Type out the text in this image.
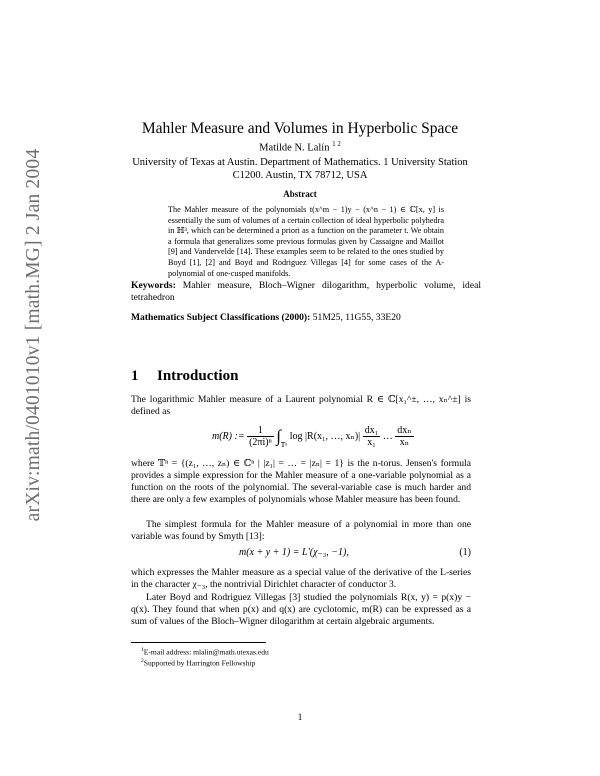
arXiv:math/0401010v1 [math.MG] 2 Jan 2004
Mahler Measure and Volumes in Hyperbolic Space
Matilde N. Lalín $^{1 2}$
University of Texas at Austin. Department of Mathematics. 1 University Station C1200. Austin, TX 78712, USA
Abstract
The Mahler measure of the polynomials t(x^m − 1)y − (x^n − 1) ∈ ℂ[x, y] is essentially the sum of volumes of a certain collection of ideal hyperbolic polyhedra in ℍ³, which can be determined a priori as a function on the parameter t. We obtain a formula that generalizes some previous formulas given by Cassaigne and Maillot [9] and Vandervelde [14]. These examples seem to be related to the ones studied by Boyd [1], [2] and Boyd and Rodriguez Villegas [4] for some cases of the A-polynomial of one-cusped manifolds.
Keywords: Mahler measure, Bloch–Wigner dilogarithm, hyperbolic volume, ideal tetrahedron
Mathematics Subject Classifications (2000): 51M25, 11G55, 33E20
1 Introduction
The logarithmic Mahler measure of a Laurent polynomial R ∈ ℂ[x₁^±, …, xₙ^±] is defined as
m(R) := $\frac{1}{\text{(2πi)ⁿ}} \int_{𝕋^n}$ log |R(x₁, …, $x_n)| \frac{\text{dx₁}}{\text{x₁}}$ … $\frac{\text{dxₙ}}{\text{xₙ}}$
where 𝕋ⁿ = {(z₁, …, zₙ) ∈ ℂⁿ | |z₁| = … = |zₙ| = 1} is the n-torus. Jensen's formula provides a simple expression for the Mahler measure of a one-variable polynomial as a function on the roots of the polynomial. The several-variable case is much harder and there are only a few examples of polynomials whose Mahler measure has been found.
The simplest formula for the Mahler measure of a polynomial in more than one variable was found by Smyth [13]:
m(x + y + 1) = L′(χ₋₃, −1),	(1)
which expresses the Mahler measure as a special value of the derivative of the L-series in the character χ₋₃, the nontrivial Dirichlet character of conductor 3.
Later Boyd and Rodriguez Villegas [3] studied the polynomials R(x, y) = p(x)y − q(x). They found that when p(x) and q(x) are cyclotomic, m(R) can be expressed as a sum of values of the Bloch–Wigner dilogarithm at certain algebraic arguments.
$^1$E-mail address: mlalin@math.utexas.edu
$^2$Supported by Harrington Fellowship
1
